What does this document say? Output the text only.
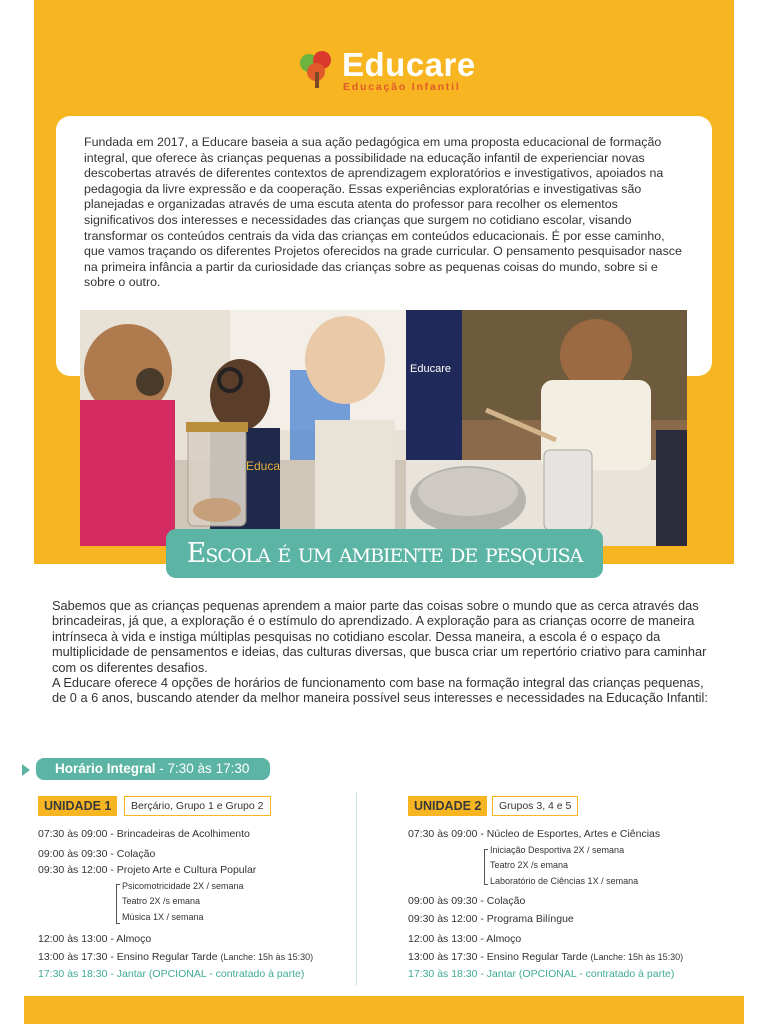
Educare
Educação Infantil
Fundada em 2017, a Educare baseia a sua ação pedagógica em uma proposta educacional de formação integral, que oferece às crianças pequenas a possibilidade na educação infantil de experienciar novas descobertas através de diferentes contextos de aprendizagem exploratórios e investigativos, apoiados na pedagogia da livre expressão e da cooperação. Essas experiências exploratórias e investigativas são planejadas e organizadas através de uma escuta atenta do professor para recolher os elementos significativos dos interesses e necessidades das crianças que surgem no cotidiano escolar, visando transformar os conteúdos centrais da vida das crianças em conteúdos educacionais. É por esse caminho, que vamos traçando os diferentes Projetos oferecidos na grade curricular. O pensamento pesquisador nasce na primeira infância a partir da curiosidade das crianças sobre as pequenas coisas do mundo, sobre si e sobre o outro.
Educa
Educare
Escola é um ambiente de pesquisa

Sabemos que as crianças pequenas aprendem a maior parte das coisas sobre o mundo que as cerca através das brincadeiras, já que, a exploração é o estímulo do aprendizado. A exploração para as crianças ocorre de maneira intrínseca à vida e instiga múltiplas pesquisas no cotidiano escolar. Dessa maneira, a escola é o espaço da multiplicidade de pensamentos e ideias, das culturas diversas, que busca criar um repertório criativo para caminhar com os diferentes desafios.

A Educare oferece 4 opções de horários de funcionamento com base na formação integral das crianças pequenas, de 0 a 6 anos, buscando atender da melhor maneira possível seus interesses e necessidades na Educação Infantil:

Horário Integral - 7:30 às 17:30
UNIDADE 1	Berçário, Grupo 1 e Grupo 2
07:30 às 09:00 - Brincadeiras de Acolhimento
09:00 às 09:30 - Colação
09:30 às 12:00 - Projeto Arte e Cultura Popular
Psicomotricidade 2X / semana
Teatro 2X /s emana
Música 1X / semana
12:00 às 13:00 - Almoço
13:00 às 17:30 - Ensino Regular Tarde (Lanche: 15h às 15:30)
17:30 às 18:30 - Jantar (OPCIONAL - contratado à parte)
UNIDADE 2	Grupos 3, 4 e 5
07:30 às 09:00 - Núcleo de Esportes, Artes e Ciências
Iniciação Desportiva 2X / semana
Teatro 2X /s emana
Laboratório de Ciências 1X / semana
09:00 às 09:30 - Colação
09:30 às 12:00 - Programa Bilíngue
12:00 às 13:00 - Almoço
13:00 às 17:30 - Ensino Regular Tarde (Lanche: 15h às 15:30)
17:30 às 18:30 - Jantar (OPCIONAL - contratado à parte)
